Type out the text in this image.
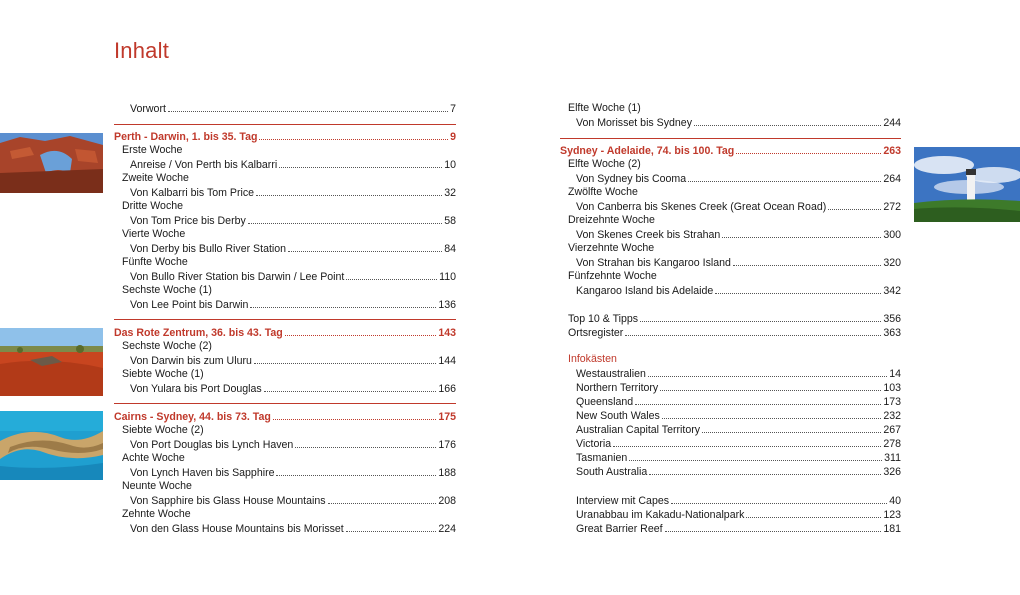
Inhalt
Vorwort	7
Perth - Darwin, 1. bis 35. Tag	9
Erste Woche
Anreise / Von Perth bis Kalbarri	10
Zweite Woche
Von Kalbarri bis Tom Price	32
Dritte Woche
Von Tom Price bis Derby	58
Vierte Woche
Von Derby bis Bullo River Station	84
Fünfte Woche
Von Bullo River Station bis Darwin / Lee Point	110
Sechste Woche (1)
Von Lee Point bis Darwin	136
Das Rote Zentrum, 36. bis 43. Tag	143
Sechste Woche (2)
Von Darwin bis zum Uluru	144
Siebte Woche (1)
Von Yulara bis Port Douglas	166
Cairns - Sydney, 44. bis 73. Tag	175
Siebte Woche (2)
Von Port Douglas bis Lynch Haven	176
Achte Woche
Von Lynch Haven bis Sapphire	188
Neunte Woche
Von Sapphire bis Glass House Mountains	208
Zehnte Woche
Von den Glass House Mountains bis Morisset	224
Elfte Woche (1)
Von Morisset bis Sydney	244
Sydney - Adelaide, 74. bis 100. Tag	263
Elfte Woche (2)
Von Sydney bis Cooma	264
Zwölfte Woche
Von Canberra bis Skenes Creek (Great Ocean Road)	272
Dreizehnte Woche
Von Skenes Creek bis Strahan	300
Vierzehnte Woche
Von Strahan bis Kangaroo Island	320
Fünfzehnte Woche
Kangaroo Island bis Adelaide	342
Top 10 & Tipps	356
Ortsregister	363
Infokästen
Westaustralien	14
Northern Territory	103
Queensland	173
New South Wales	232
Australian Capital Territory	267
Victoria	278
Tasmanien	311
South Australia	326
Interview mit Capes	40
Uranabbau im Kakadu-Nationalpark	123
Great Barrier Reef	181
